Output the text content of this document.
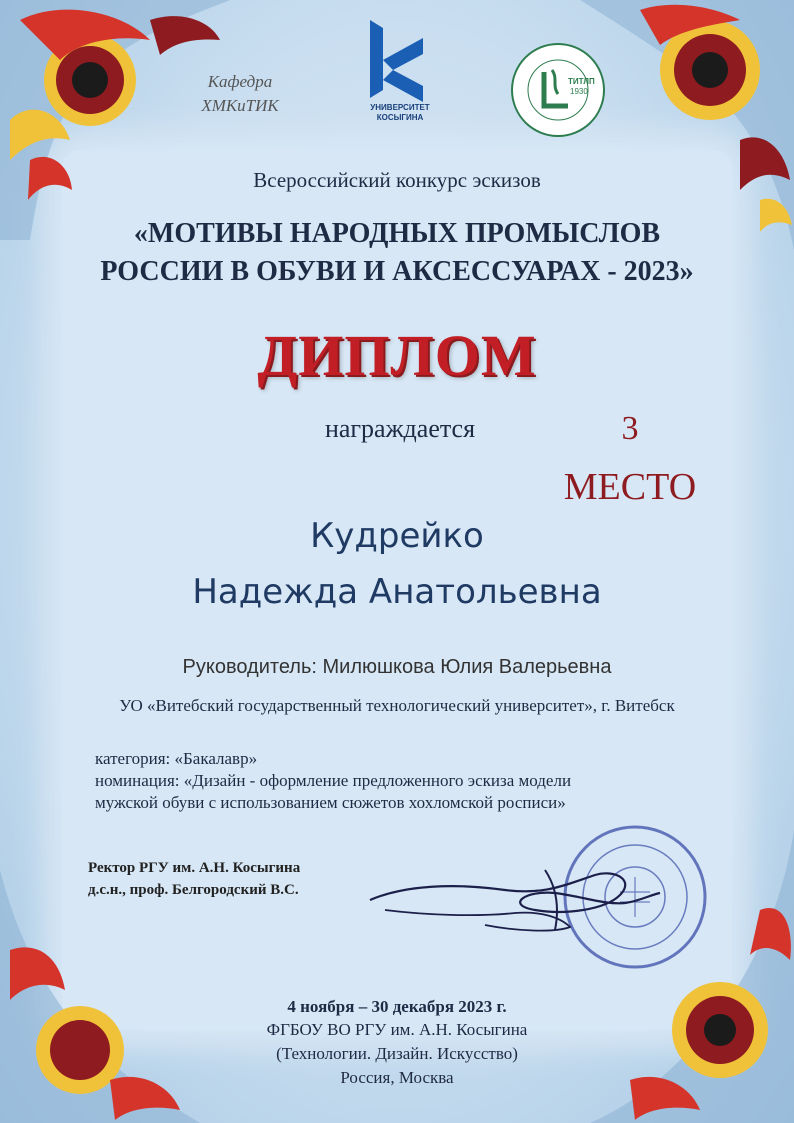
Кафедра ХМКиТИК	УНИВЕРСИТЕТ КОСЫГИНА
ТИТЛП
1930
Всероссийский конкурс эскизов
«МОТИВЫ НАРОДНЫХ ПРОМЫСЛОВ
РОССИИ В ОБУВИ И АКСЕССУАРАХ - 2023»
ДИПЛОМ
награждается	3
МЕСТО
Кудрейко
Надежда Анатольевна
Руководитель: Милюшкова Юлия Валерьевна
УО «Витебский государственный технологический университет», г. Витебск
категория: «Бакалавр»
номинация: «Дизайн - оформление предложенного эскиза модели
мужской обуви с использованием сюжетов хохломской росписи»
Ректор РГУ им. А.Н. Косыгина
д.с.н., проф. Белгородский В.С.
4 ноября – 30 декабря 2023 г.
ФГБОУ ВО РГУ им. А.Н. Косыгина
(Технологии. Дизайн. Искусство)
Россия, Москва
